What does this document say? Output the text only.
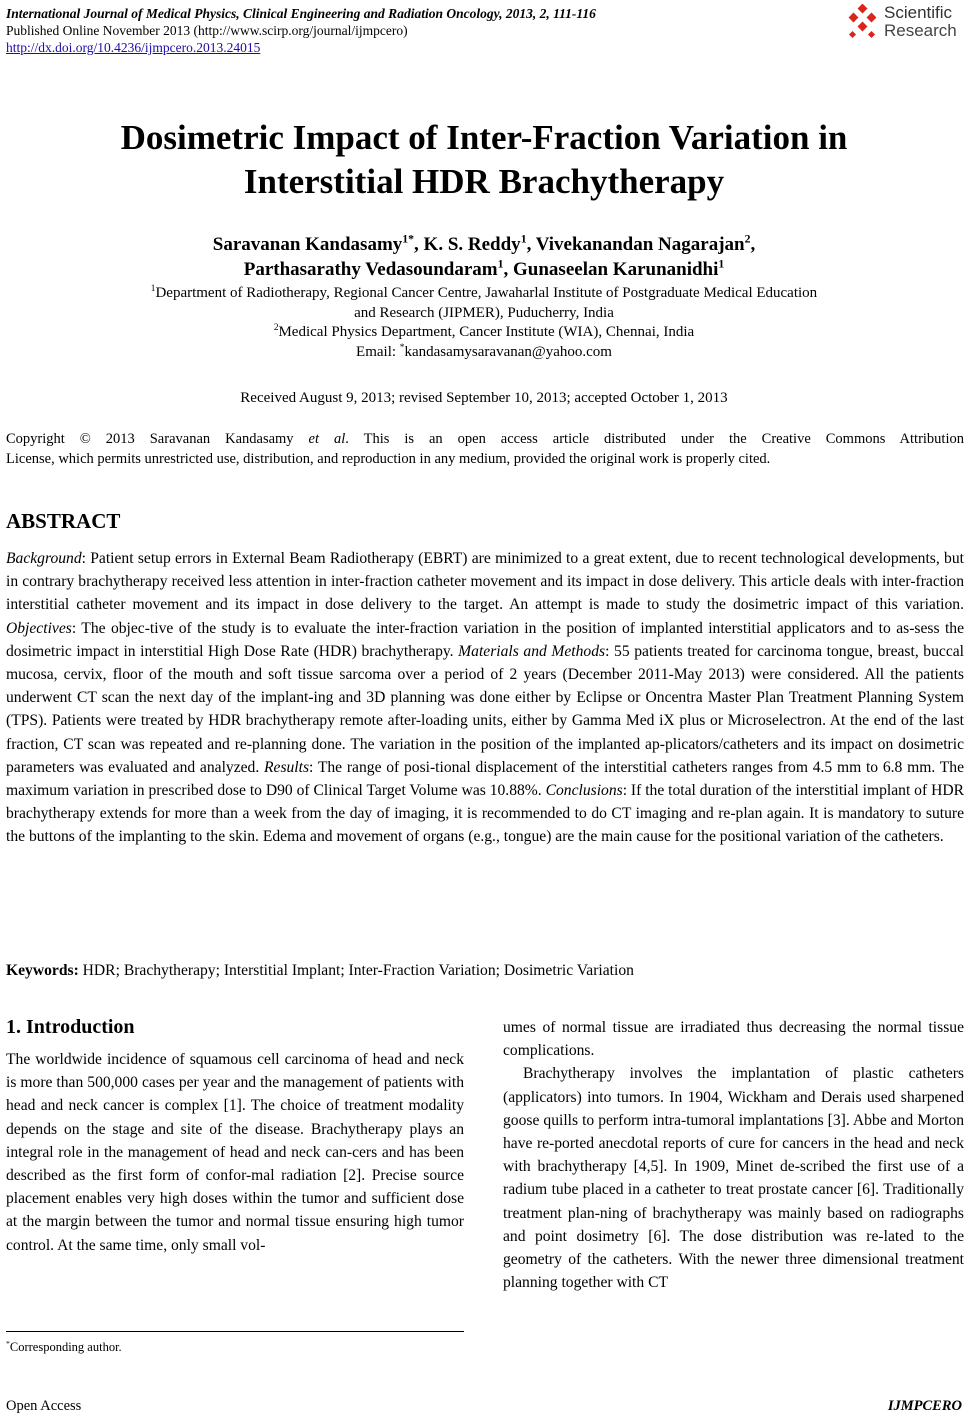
International Journal of Medical Physics, Clinical Engineering and Radiation Oncology, 2013, 2, 111-116
Published Online November 2013 (http://www.scirp.org/journal/ijmpcero)
http://dx.doi.org/10.4236/ijmpcero.2013.24015
Scientific
Research
Dosimetric Impact of Inter-Fraction Variation in
Interstitial HDR Brachytherapy
Saravanan Kandasamy$^{1*}$, K. S. Reddy$^1$, Vivekanandan Nagarajan$^2$,
Parthasarathy Vedasoundaram$^1$, Gunaseelan Karunanidhi$^1$
$^1$Department of Radiotherapy, Regional Cancer Centre, Jawaharlal Institute of Postgraduate Medical Education
and Research (JIPMER), Puducherry, India
$^2$Medical Physics Department, Cancer Institute (WIA), Chennai, India
Email: *kandasamysaravanan@yahoo.com
Received August 9, 2013; revised September 10, 2013; accepted October 1, 2013
Copyright © 2013 Saravanan Kandasamy et al. This is an open access article distributed under the Creative Commons Attribution
License, which permits unrestricted use, distribution, and reproduction in any medium, provided the original work is properly cited.
ABSTRACT
Background: Patient setup errors in External Beam Radiotherapy (EBRT) are minimized to a great extent, due to recent technological developments, but in contrary brachytherapy received less attention in inter-fraction catheter movement and its impact in dose delivery. This article deals with inter-fraction interstitial catheter movement and its impact in dose delivery to the target. An attempt is made to study the dosimetric impact of this variation. Objectives: The objec-tive of the study is to evaluate the inter-fraction variation in the position of implanted interstitial applicators and to as-sess the dosimetric impact in interstitial High Dose Rate (HDR) brachytherapy. Materials and Methods: 55 patients treated for carcinoma tongue, breast, buccal mucosa, cervix, floor of the mouth and soft tissue sarcoma over a period of 2 years (December 2011-May 2013) were considered. All the patients underwent CT scan the next day of the implant-ing and 3D planning was done either by Eclipse or Oncentra Master Plan Treatment Planning System (TPS). Patients were treated by HDR brachytherapy remote after-loading units, either by Gamma Med iX plus or Microselectron. At the end of the last fraction, CT scan was repeated and re-planning done. The variation in the position of the implanted ap-plicators/catheters and its impact on dosimetric parameters was evaluated and analyzed. Results: The range of posi-tional displacement of the interstitial catheters ranges from 4.5 mm to 6.8 mm. The maximum variation in prescribed dose to D90 of Clinical Target Volume was 10.88%. Conclusions: If the total duration of the interstitial implant of HDR brachytherapy extends for more than a week from the day of imaging, it is recommended to do CT imaging and re-plan again. It is mandatory to suture the buttons of the implanting to the skin. Edema and movement of organs (e.g., tongue) are the main cause for the positional variation of the catheters.
Keywords: HDR; Brachytherapy; Interstitial Implant; Inter-Fraction Variation; Dosimetric Variation
1. Introduction

The worldwide incidence of squamous cell carcinoma of head and neck is more than 500,000 cases per year and the management of patients with head and neck cancer is complex [1]. The choice of treatment modality depends on the stage and site of the disease. Brachytherapy plays an integral role in the management of head and neck can-cers and has been described as the first form of confor-mal radiation [2]. Precise source placement enables very high doses within the tumor and sufficient dose at the margin between the tumor and normal tissue ensuring high tumor control. At the same time, only small vol-

umes of normal tissue are irradiated thus decreasing the normal tissue complications.

Brachytherapy involves the implantation of plastic catheters (applicators) into tumors. In 1904, Wickham and Derais used sharpened goose quills to perform intra-tumoral implantations [3]. Abbe and Morton have re-ported anecdotal reports of cure for cancers in the head and neck with brachytherapy [4,5]. In 1909, Minet de-scribed the first use of a radium tube placed in a catheter to treat prostate cancer [6]. Traditionally treatment plan-ning of brachytherapy was mainly based on radiographs and point dosimetry [6]. The dose distribution was re-lated to the geometry of the catheters. With the newer three dimensional treatment planning together with CT

*Corresponding author.
Open Access	IJMPCERO
